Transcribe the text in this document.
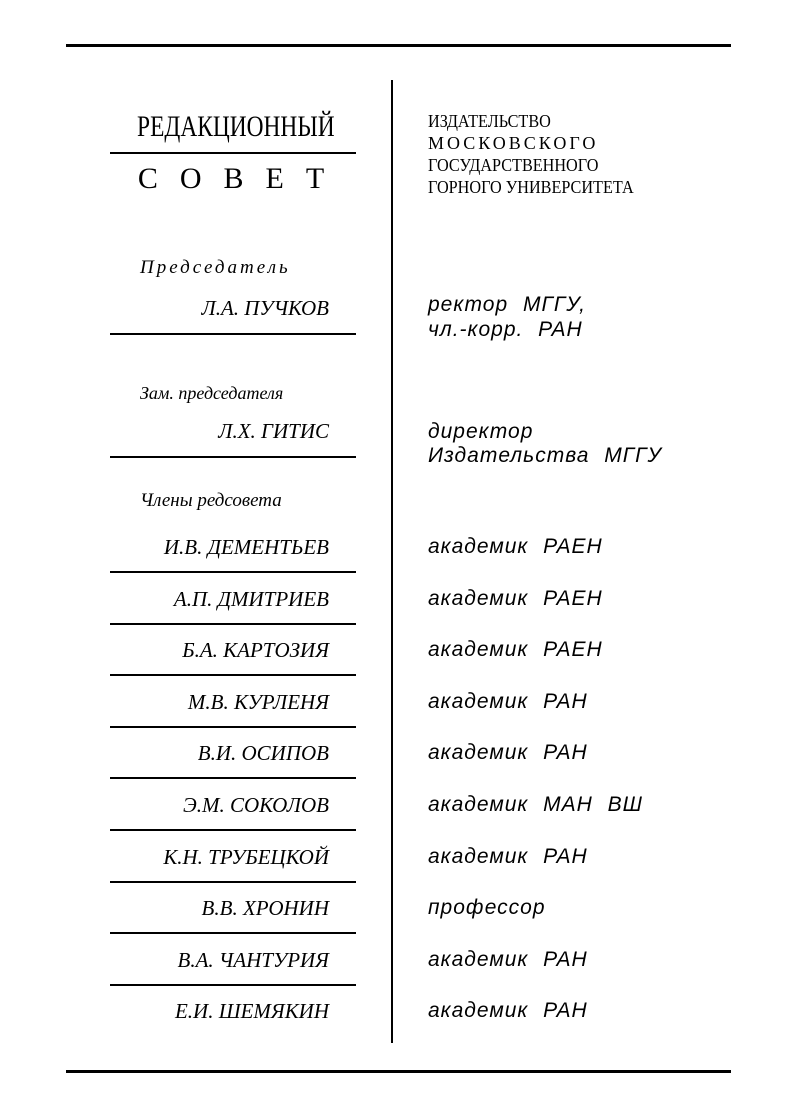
РЕДАКЦИОННЫЙ
СОВЕТ
ИЗДАТЕЛЬСТВО
МОСКОВСКОГО
ГОСУДАРСТВЕННОГО
ГОРНОГО УНИВЕРСИТЕТА
Председатель
Л.А. ПУЧКОВ	ректор МГГУ,
чл.-корр. РАН
Зам. председателя
Л.Х. ГИТИС	директор
Издательства МГГУ
Члены редсовета
И.В. ДЕМЕНТЬЕВ	академик РАЕН
А.П. ДМИТРИЕВ	академик РАЕН
Б.А. КАРТОЗИЯ	академик РАЕН
М.В. КУРЛЕНЯ	академик РАН
В.И. ОСИПОВ	академик РАН
Э.М. СОКОЛОВ	академик МАН ВШ
К.Н. ТРУБЕЦКОЙ	академик РАН
В.В. ХРОНИН	профессор
В.А. ЧАНТУРИЯ	академик РАН
Е.И. ШЕМЯКИН	академик РАН
